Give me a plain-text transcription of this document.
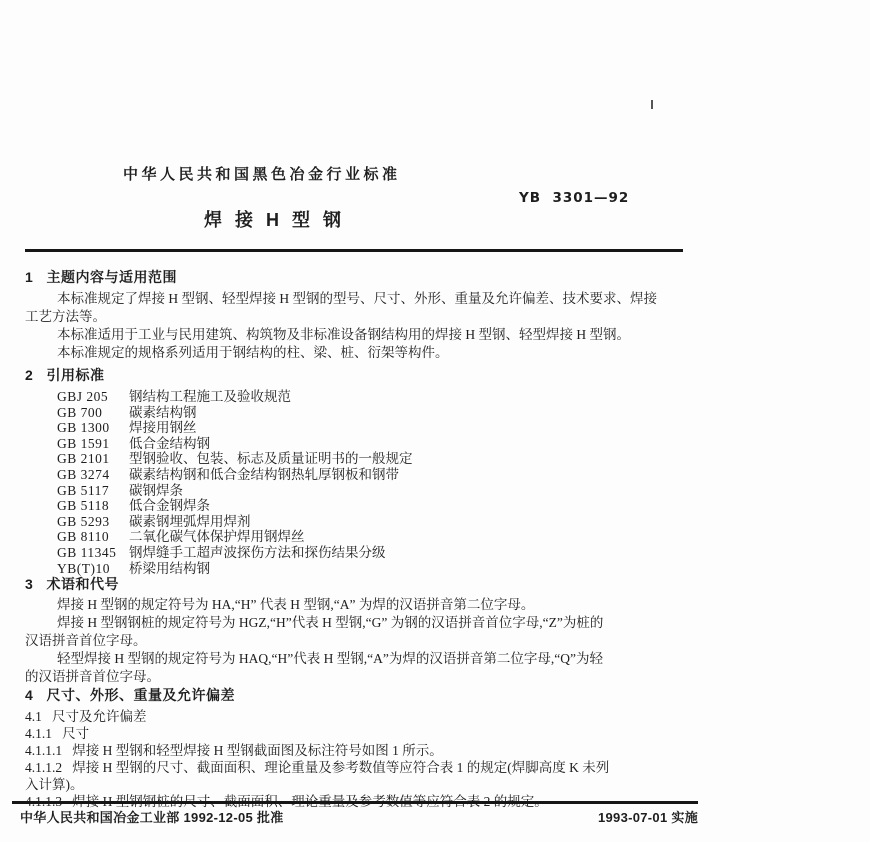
中华人民共和国黑色冶金行业标准
YB  3301—92
焊 接 H 型 钢
1   主题内容与适用范围
本标准规定了焊接 H 型钢、轻型焊接 H 型钢的型号、尺寸、外形、重量及允许偏差、技术要求、焊接
工艺方法等。
本标准适用于工业与民用建筑、构筑物及非标准设备钢结构用的焊接 H 型钢、轻型焊接 H 型钢。
本标准规定的规格系列适用于钢结构的柱、梁、桩、衍架等构件。
2   引用标准
GBJ 205 钢结构工程施工及验收规范
GB 700 碳素结构钢
GB 1300 焊接用钢丝
GB 1591 低合金结构钢
GB 2101 型钢验收、包装、标志及质量证明书的一般规定
GB 3274 碳素结构钢和低合金结构钢热轧厚钢板和钢带
GB 5117 碳钢焊条
GB 5118 低合金钢焊条
GB 5293 碳素钢埋弧焊用焊剂
GB 8110 二氧化碳气体保护焊用钢焊丝
GB 11345 钢焊缝手工超声波探伤方法和探伤结果分级
YB(T)10 桥梁用结构钢
3   术语和代号
焊接 H 型钢的规定符号为 HA,“H” 代表 H 型钢,“A” 为焊的汉语拼音第二位字母。
焊接 H 型钢钢桩的规定符号为 HGZ,“H”代表 H 型钢,“G” 为钢的汉语拼音首位字母,“Z”为桩的
汉语拼音首位字母。
轻型焊接 H 型钢的规定符号为 HAQ,“H”代表 H 型钢,“A”为焊的汉语拼音第二位字母,“Q”为轻
的汉语拼音首位字母。
4   尺寸、外形、重量及允许偏差
4.1   尺寸及允许偏差
4.1.1   尺寸
4.1.1.1   焊接 H 型钢和轻型焊接 H 型钢截面图及标注符号如图 1 所示。
4.1.1.2   焊接 H 型钢的尺寸、截面面积、理论重量及参考数值等应符合表 1 的规定(焊脚高度 K 未列
入计算)。
中华人民共和国冶金工业部 1992-12-05 批准	1993-07-01 实施
